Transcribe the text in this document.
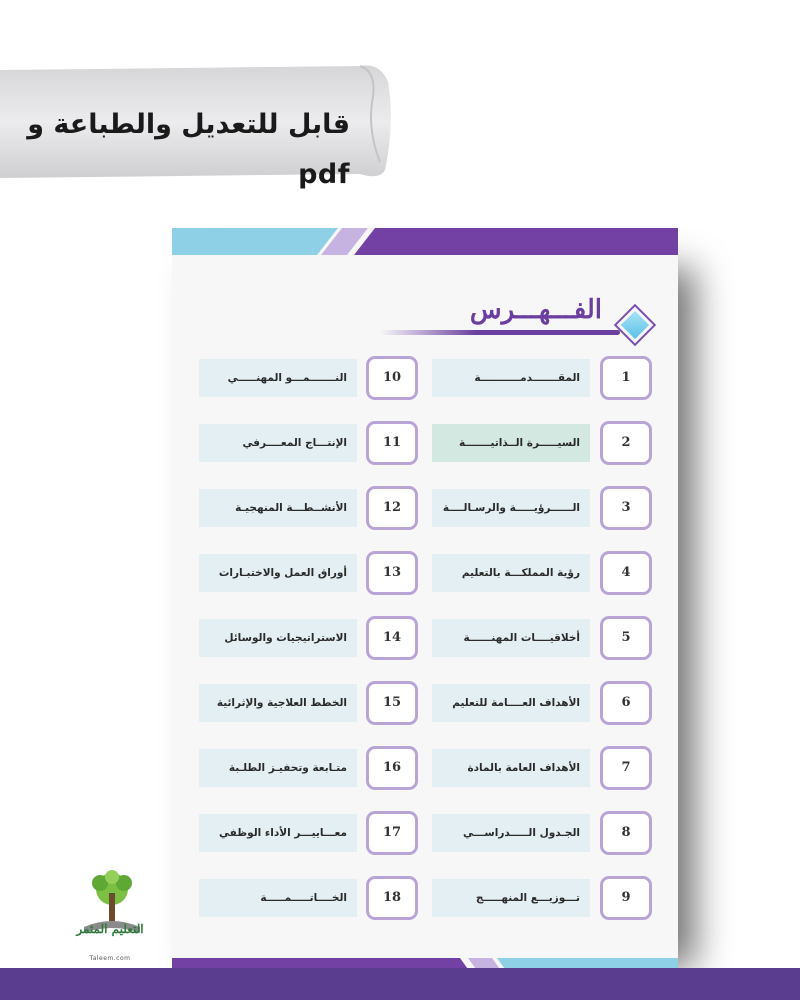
قابل للتعديل والطباعة و pdf
الفـــهـــرس
1
المقـــــــدمـــــــــــة
2
السيـــــرة الــذاتيـــــــة
3
الــــــرؤيـــــة والرسـالــــة
4
رؤية المملكـــة بالتعليم
5
أخلاقيــــات المهنــــــة
6
الأهداف العــــامة للتعليم
7
الأهداف العامة بالمادة
8
الجـدول الـــــدراســـي
9
تـــوزيـــع المنهـــــج
10
النـــــــمـــو المهنـــــي
11
الإنتـــاج المعــــرفي
12
الأنشــطـــة المنهجيـة
13
أوراق العمل والاختبـارات
14
الاستراتيجيات والوسائل
15
الخطط العلاجية والإثرائية
16
متـابعة وتحفيـز الطلـبة
17
معـــاييـــر الأداء الوظفي
18
الخــــاتـــــمـــــة
التعليم المثمر
Taleem.com
